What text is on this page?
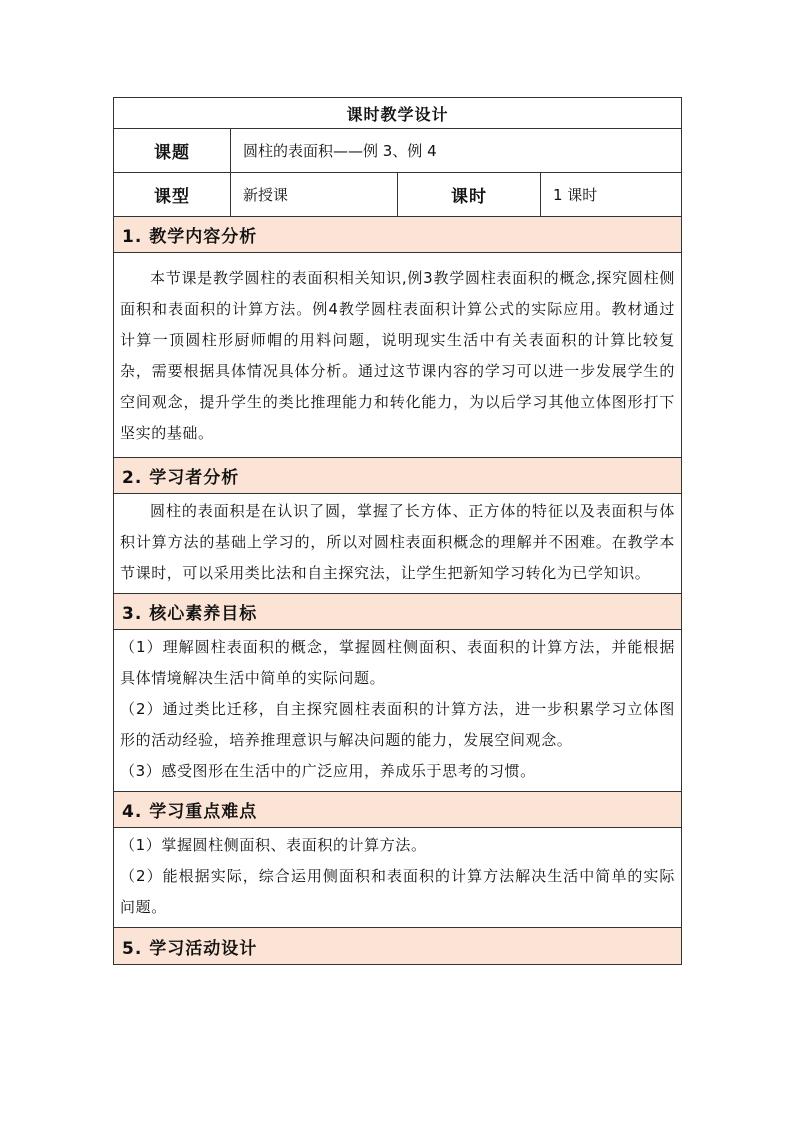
课时教学设计
课题	圆柱的表面积——例 3、例 4
课型	新授课	课时	1 课时
1. 教学内容分析

本节课是教学圆柱的表面积相关知识,例3教学圆柱表面积的概念,探究圆柱侧面积和表面积的计算方法。例4教学圆柱表面积计算公式的实际应用。教材通过计算一顶圆柱形厨师帽的用料问题，说明现实生活中有关表面积的计算比较复杂，需要根据具体情况具体分析。通过这节课内容的学习可以进一步发展学生的空间观念，提升学生的类比推理能力和转化能力，为以后学习其他立体图形打下坚实的基础。

2. 学习者分析

圆柱的表面积是在认识了圆，掌握了长方体、正方体的特征以及表面积与体积计算方法的基础上学习的，所以对圆柱表面积概念的理解并不困难。在教学本节课时，可以采用类比法和自主探究法，让学生把新知学习转化为已学知识。

3. 核心素养目标

（1）理解圆柱表面积的概念，掌握圆柱侧面积、表面积的计算方法，并能根据具体情境解决生活中简单的实际问题。

（2）通过类比迁移，自主探究圆柱表面积的计算方法，进一步积累学习立体图形的活动经验，培养推理意识与解决问题的能力，发展空间观念。

（3）感受图形在生活中的广泛应用，养成乐于思考的习惯。

4. 学习重点难点

（1）掌握圆柱侧面积、表面积的计算方法。

（2）能根据实际，综合运用侧面积和表面积的计算方法解决生活中简单的实际问题。

5. 学习活动设计
